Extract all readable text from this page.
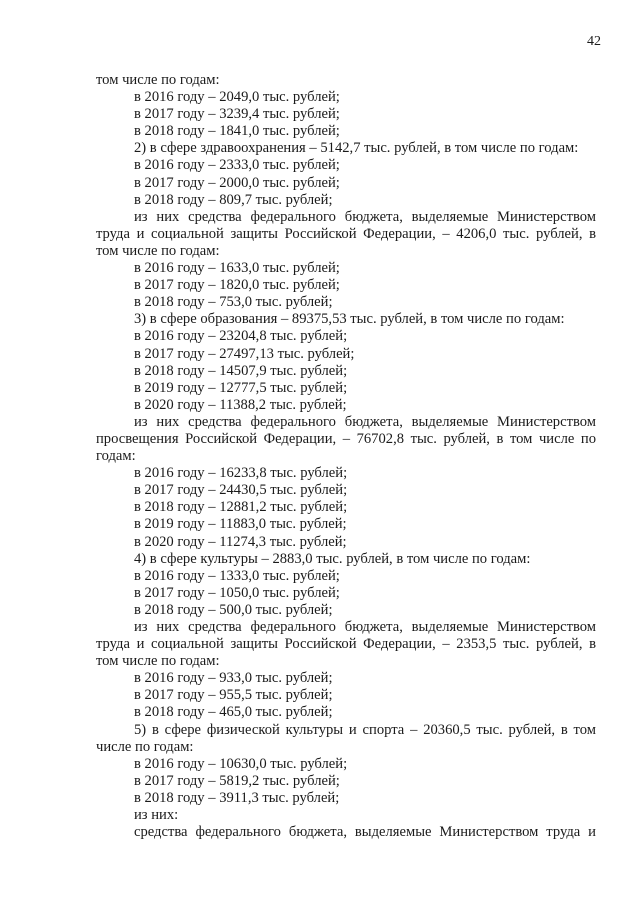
42
том числе по годам:
в 2016 году – 2049,0 тыс. рублей;
в 2017 году – 3239,4 тыс. рублей;
в 2018 году – 1841,0 тыс. рублей;
2) в сфере здравоохранения – 5142,7 тыс. рублей, в том числе по годам:
в 2016 году – 2333,0 тыс. рублей;
в 2017 году – 2000,0 тыс. рублей;
в 2018 году – 809,7 тыс. рублей;
из них средства федерального бюджета, выделяемые Министерством
труда и социальной защиты Российской Федерации, – 4206,0 тыс. рублей, в
том числе по годам:
в 2016 году – 1633,0 тыс. рублей;
в 2017 году – 1820,0 тыс. рублей;
в 2018 году – 753,0 тыс. рублей;
3) в сфере образования – 89375,53 тыс. рублей, в том числе по годам:
в 2016 году – 23204,8 тыс. рублей;
в 2017 году – 27497,13 тыс. рублей;
в 2018 году – 14507,9 тыс. рублей;
в 2019 году – 12777,5 тыс. рублей;
в 2020 году – 11388,2 тыс. рублей;
из них средства федерального бюджета, выделяемые Министерством
просвещения Российской Федерации, – 76702,8 тыс. рублей, в том числе по
годам:
в 2016 году – 16233,8 тыс. рублей;
в 2017 году – 24430,5 тыс. рублей;
в 2018 году – 12881,2 тыс. рублей;
в 2019 году – 11883,0 тыс. рублей;
в 2020 году – 11274,3 тыс. рублей;
4) в сфере культуры – 2883,0 тыс. рублей, в том числе по годам:
в 2016 году – 1333,0 тыс. рублей;
в 2017 году – 1050,0 тыс. рублей;
в 2018 году – 500,0 тыс. рублей;
из них средства федерального бюджета, выделяемые Министерством
труда и социальной защиты Российской Федерации, – 2353,5 тыс. рублей, в
том числе по годам:
в 2016 году – 933,0 тыс. рублей;
в 2017 году – 955,5 тыс. рублей;
в 2018 году – 465,0 тыс. рублей;
5) в сфере физической культуры и спорта – 20360,5 тыс. рублей, в том
числе по годам:
в 2016 году – 10630,0 тыс. рублей;
в 2017 году – 5819,2 тыс. рублей;
в 2018 году – 3911,3 тыс. рублей;
из них:
средства федерального бюджета, выделяемые Министерством труда и
